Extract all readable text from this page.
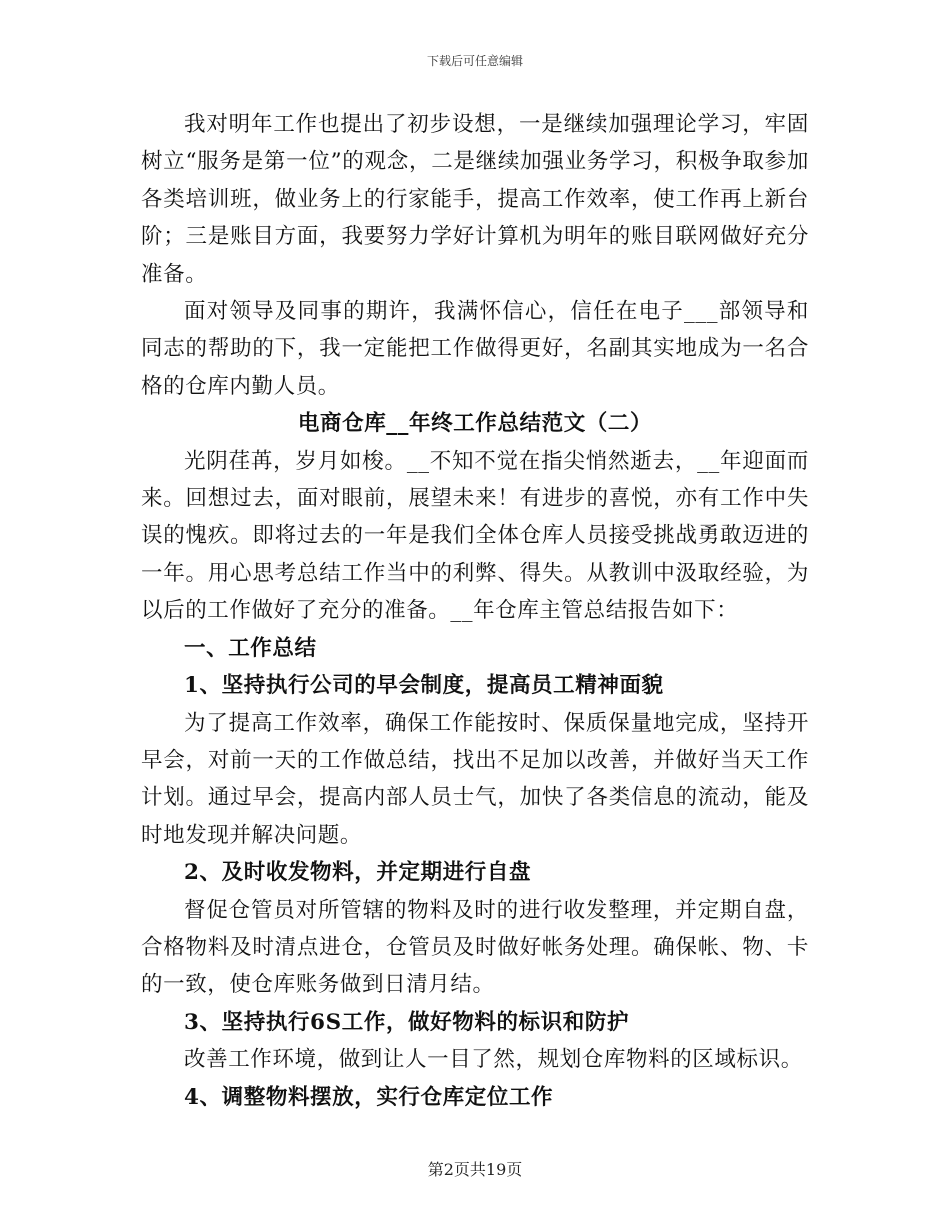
下载后可任意编辑

我对明年工作也提出了初步设想，一是继续加强理论学习，牢固树立“服务是第一位”的观念，二是继续加强业务学习，积极争取参加各类培训班，做业务上的行家能手，提高工作效率，使工作再上新台阶；三是账目方面，我要努力学好计算机为明年的账目联网做好充分准备。

面对领导及同事的期许，我满怀信心，信任在电子___部领导和同志的帮助的下，我一定能把工作做得更好，名副其实地成为一名合格的仓库内勤人员。

电商仓库__年终工作总结范文（二）

光阴荏苒，岁月如梭。__不知不觉在指尖悄然逝去，__年迎面而来。回想过去，面对眼前，展望未来！有进步的喜悦，亦有工作中失误的愧疚。即将过去的一年是我们全体仓库人员接受挑战勇敢迈进的一年。用心思考总结工作当中的利弊、得失。从教训中汲取经验，为以后的工作做好了充分的准备。__年仓库主管总结报告如下：

一、工作总结

1、坚持执行公司的早会制度，提高员工精神面貌

为了提高工作效率，确保工作能按时、保质保量地完成，坚持开早会，对前一天的工作做总结，找出不足加以改善，并做好当天工作计划。通过早会，提高内部人员士气，加快了各类信息的流动，能及时地发现并解决问题。

2、及时收发物料，并定期进行自盘

督促仓管员对所管辖的物料及时的进行收发整理，并定期自盘，合格物料及时清点进仓，仓管员及时做好帐务处理。确保帐、物、卡的一致，使仓库账务做到日清月结。

3、坚持执行6S工作，做好物料的标识和防护

改善工作环境，做到让人一目了然，规划仓库物料的区域标识。

4、调整物料摆放，实行仓库定位工作

第2页共19页
